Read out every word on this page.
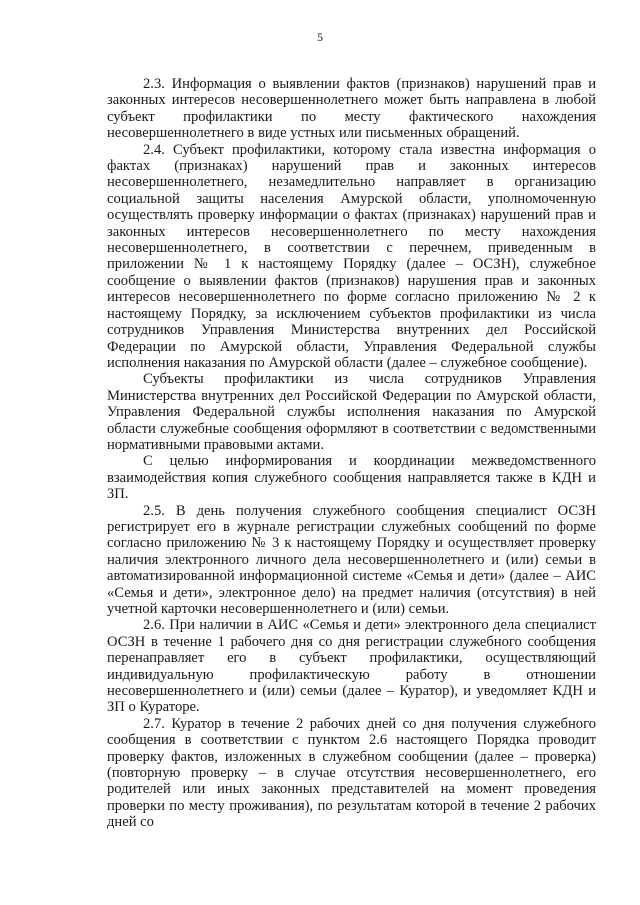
5

2.3. Информация о выявлении фактов (признаков) нарушений прав и законных интересов несовершеннолетнего может быть направлена в любой субъект профилактики по месту фактического нахождения несовершеннолетнего в виде устных или письменных обращений.

2.4. Субъект профилактики, которому стала известна информация о фактах (признаках) нарушений прав и законных интересов несовершеннолетнего, незамедлительно направляет в организацию социальной защиты населения Амурской области, уполномоченную осуществлять проверку информации о фактах (признаках) нарушений прав и законных интересов несовершеннолетнего по месту нахождения несовершеннолетнего, в соответствии с перечнем, приведенным в приложении № 1 к настоящему Порядку (далее – ОСЗН), служебное сообщение о выявлении фактов (признаков) нарушения прав и законных интересов несовершеннолетнего по форме согласно приложению № 2 к настоящему Порядку, за исключением субъектов профилактики из числа сотрудников Управления Министерства внутренних дел Российской Федерации по Амурской области, Управления Федеральной службы исполнения наказания по Амурской области (далее – служебное сообщение).

Субъекты профилактики из числа сотрудников Управления Министерства внутренних дел Российской Федерации по Амурской области, Управления Федеральной службы исполнения наказания по Амурской области служебные сообщения оформляют в соответствии с ведомственными нормативными правовыми актами.

С целью информирования и координации межведомственного взаимодействия копия служебного сообщения направляется также в КДН и ЗП.

2.5. В день получения служебного сообщения специалист ОСЗН регистрирует его в журнале регистрации служебных сообщений по форме согласно приложению № 3 к настоящему Порядку и осуществляет проверку наличия электронного личного дела несовершеннолетнего и (или) семьи в автоматизированной информационной системе «Семья и дети» (далее – АИС «Семья и дети», электронное дело) на предмет наличия (отсутствия) в ней учетной карточки несовершеннолетнего и (или) семьи.

2.6. При наличии в АИС «Семья и дети» электронного дела специалист ОСЗН в течение 1 рабочего дня со дня регистрации служебного сообщения перенаправляет его в субъект профилактики, осуществляющий индивидуальную профилактическую работу в отношении несовершеннолетнего и (или) семьи (далее – Куратор), и уведомляет КДН и ЗП о Кураторе.

2.7. Куратор в течение 2 рабочих дней со дня получения служебного сообщения в соответствии с пунктом 2.6 настоящего Порядка проводит проверку фактов, изложенных в служебном сообщении (далее – проверка) (повторную проверку – в случае отсутствия несовершеннолетнего, его родителей или иных законных представителей на момент проведения проверки по месту проживания), по результатам которой в течение 2 рабочих дней со
